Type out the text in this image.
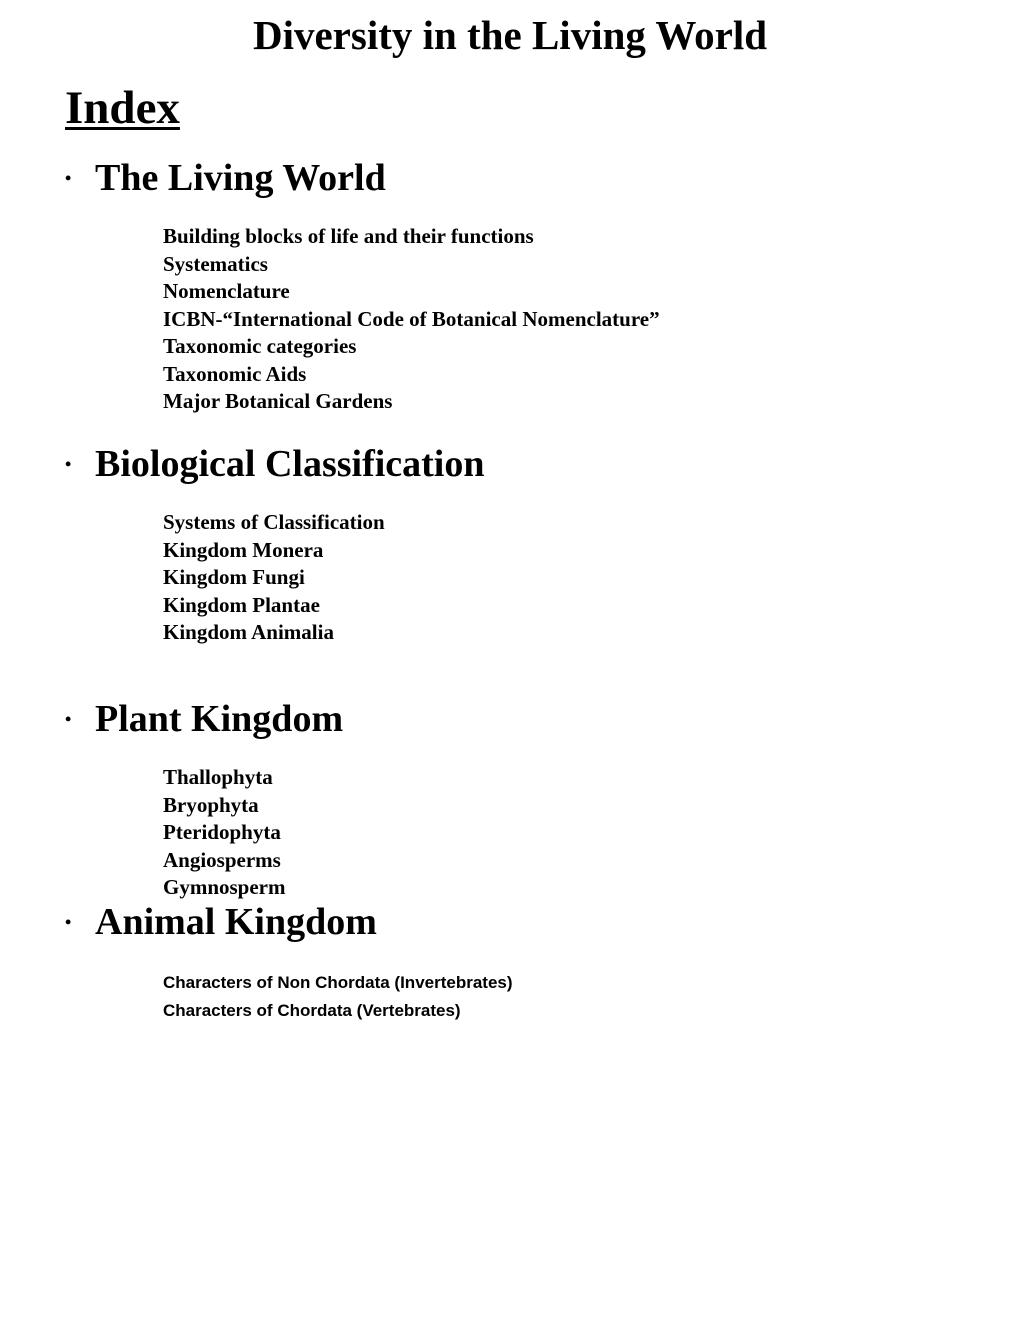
Diversity in the Living World
Index
• The Living World
Building blocks of life and their functions
Systematics
Nomenclature
ICBN-“International Code of Botanical Nomenclature”
Taxonomic categories
Taxonomic Aids
Major Botanical Gardens
• Biological Classification
Systems of Classification
Kingdom Monera
Kingdom Fungi
Kingdom Plantae
Kingdom Animalia
• Plant Kingdom
Thallophyta
Bryophyta
Pteridophyta
Angiosperms
Gymnosperm
• Animal Kingdom
Characters of Non Chordata (Invertebrates)
Characters of Chordata (Vertebrates)
